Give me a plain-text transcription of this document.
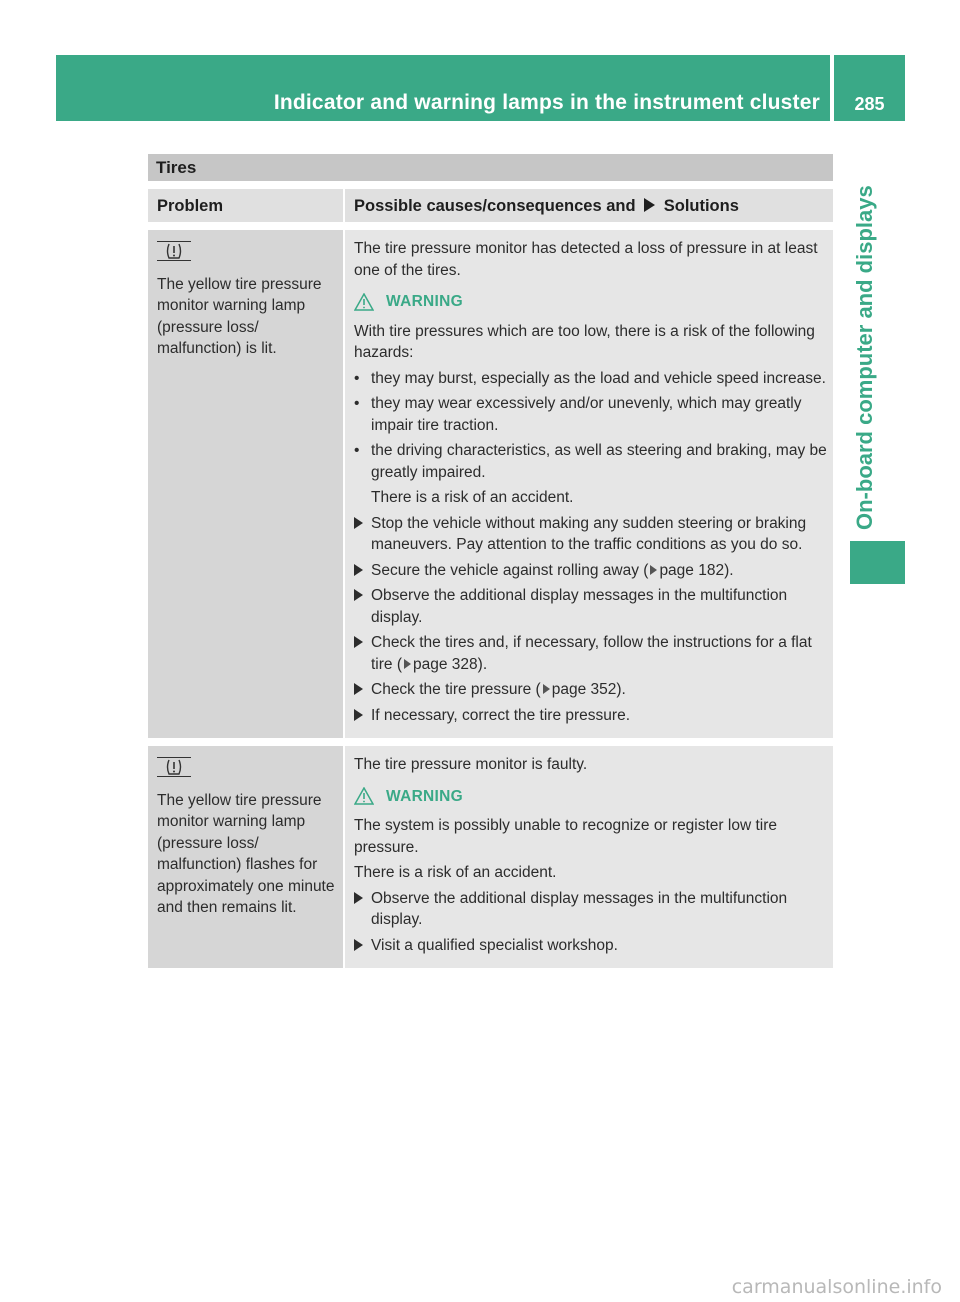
Indicator and warning lamps in the instrument cluster 285
On-board computer and displays
Tires
Problem	Possible causes/consequences and Solutions
The yellow tire pressure monitor warning lamp (pressure loss/ malfunction) is lit.
The tire pressure monitor has detected a loss of pressure in at least one of the tires.
WARNING
With tire pressures which are too low, there is a risk of the following hazards:
• they may burst, especially as the load and vehicle speed increase.
• they may wear excessively and/or unevenly, which may greatly impair tire traction.
• the driving characteristics, as well as steering and braking, may be greatly impaired.
There is a risk of an accident.
Stop the vehicle without making any sudden steering or braking maneuvers. Pay attention to the traffic conditions as you do so.
Secure the vehicle against rolling away ( page 182).
Observe the additional display messages in the multifunction display.
Check the tires and, if necessary, follow the instructions for a flat tire ( page 328).
Check the tire pressure ( page 352).
If necessary, correct the tire pressure.
The yellow tire pressure monitor warning lamp (pressure loss/ malfunction) flashes for approximately one minute and then remains lit.
The tire pressure monitor is faulty.
WARNING
The system is possibly unable to recognize or register low tire pressure.
There is a risk of an accident.
Observe the additional display messages in the multifunction display.
Visit a qualified specialist workshop.
carmanualsonline.info
